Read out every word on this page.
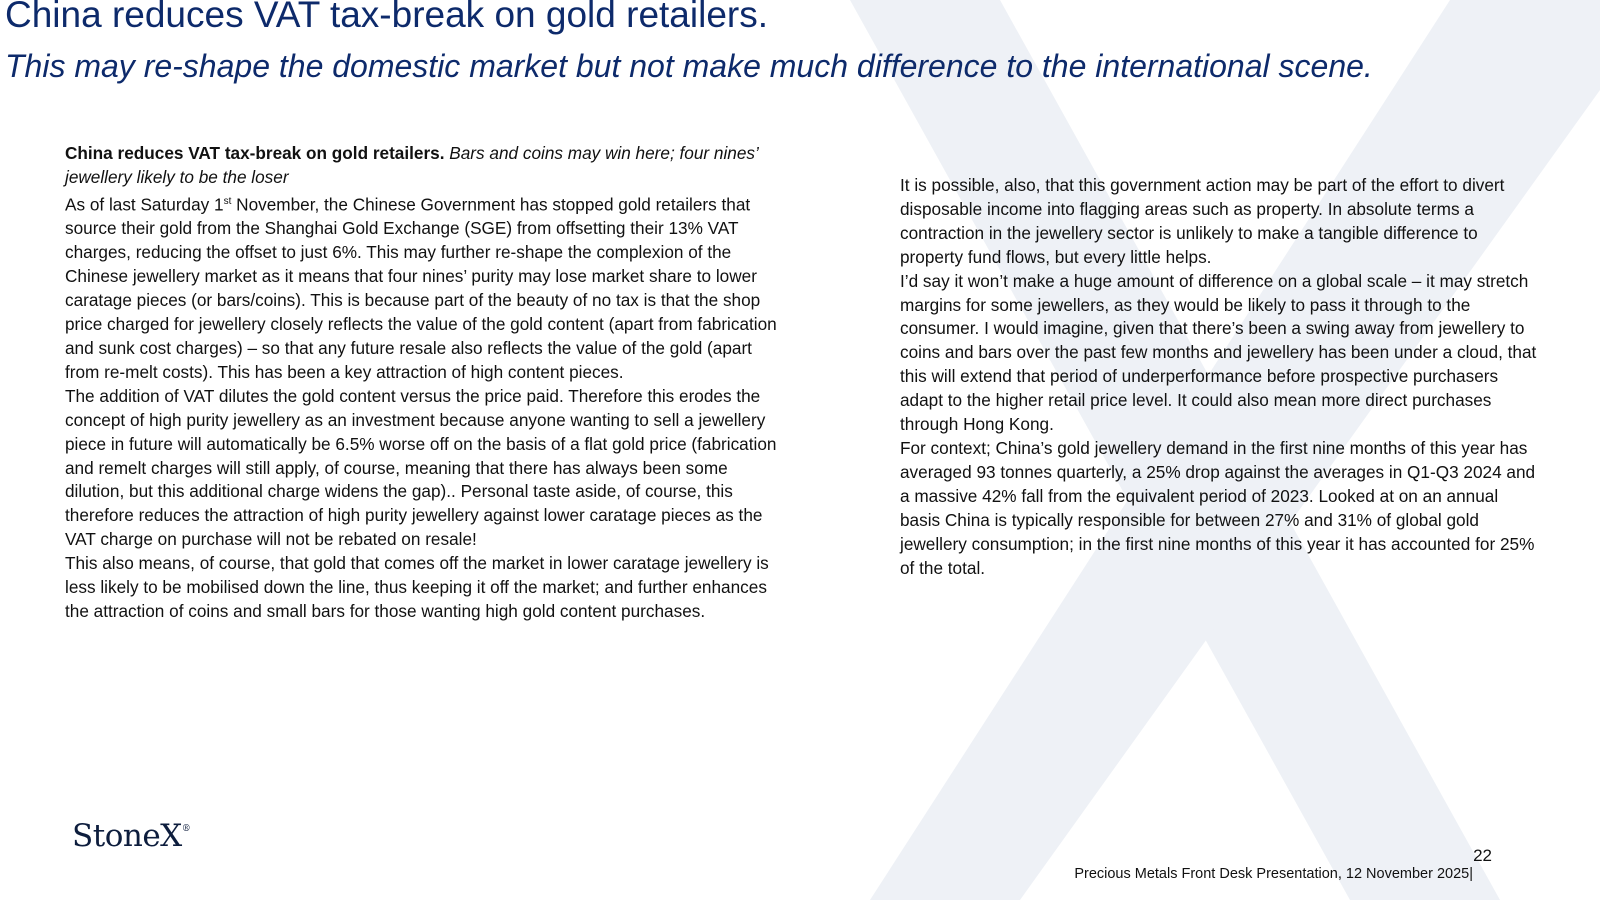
China reduces VAT tax-break on gold retailers.
This may re-shape the domestic market but not make much difference to the international scene.

China reduces VAT tax-break on gold retailers. Bars and coins may win here; four nines’ jewellery likely to be the loser

As of last Saturday 1st November, the Chinese Government has stopped gold retailers that source their gold from the Shanghai Gold Exchange (SGE) from offsetting their 13% VAT charges, reducing the offset to just 6%. This may further re-shape the complexion of the Chinese jewellery market as it means that four nines’ purity may lose market share to lower caratage pieces (or bars/coins). This is because part of the beauty of no tax is that the shop price charged for jewellery closely reflects the value of the gold content (apart from fabrication and sunk cost charges) – so that any future resale also reflects the value of the gold (apart from re-melt costs). This has been a key attraction of high content pieces.

The addition of VAT dilutes the gold content versus the price paid. Therefore this erodes the concept of high purity jewellery as an investment because anyone wanting to sell a jewellery piece in future will automatically be 6.5% worse off on the basis of a flat gold price (fabrication and remelt charges will still apply, of course, meaning that there has always been some dilution, but this additional charge widens the gap).. Personal taste aside, of course, this therefore reduces the attraction of high purity jewellery against lower caratage pieces as the VAT charge on purchase will not be rebated on resale!

This also means, of course, that gold that comes off the market in lower caratage jewellery is less likely to be mobilised down the line, thus keeping it off the market; and further enhances the attraction of coins and small bars for those wanting high gold content purchases.

It is possible, also, that this government action may be part of the effort to divert disposable income into flagging areas such as property. In absolute terms a contraction in the jewellery sector is unlikely to make a tangible difference to property fund flows, but every little helps.

I’d say it won’t make a huge amount of difference on a global scale – it may stretch margins for some jewellers, as they would be likely to pass it through to the consumer. I would imagine, given that there’s been a swing away from jewellery to coins and bars over the past few months and jewellery has been under a cloud, that this will extend that period of underperformance before prospective purchasers adapt to the higher retail price level. It could also mean more direct purchases through Hong Kong.

For context; China’s gold jewellery demand in the first nine months of this year has averaged 93 tonnes quarterly, a 25% drop against the averages in Q1-Q3 2024 and a massive 42% fall from the equivalent period of 2023. Looked at on an annual basis China is typically responsible for between 27% and 31% of global gold jewellery consumption; in the first nine months of this year it has accounted for 25% of the total.

StoneX®
22
Precious Metals Front Desk Presentation, 12 November 2025|
